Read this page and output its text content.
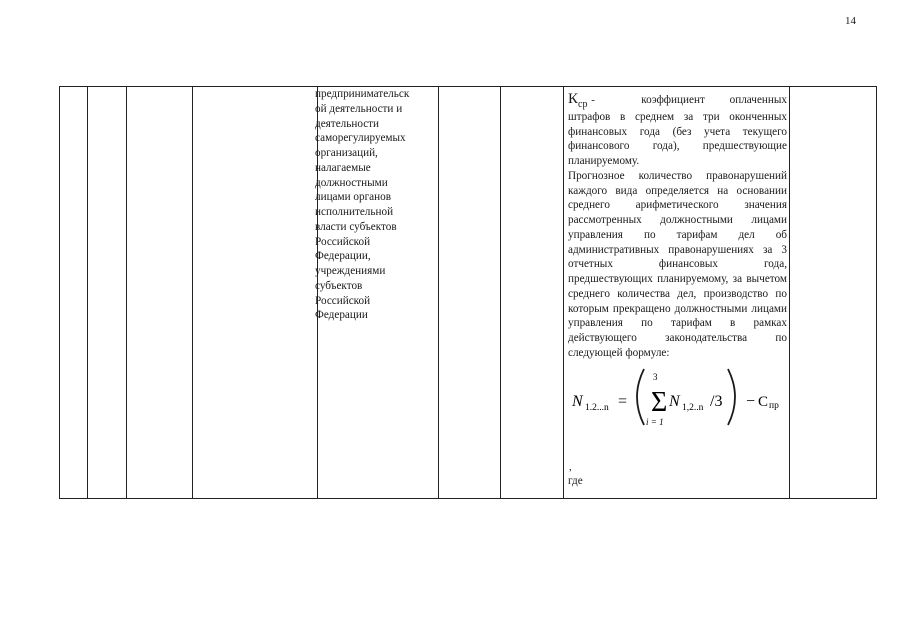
14
предпринимательск
ой деятельности и
деятельности
саморегулируемых
организаций,
налагаемые
должностными
лицами органов
исполнительной
власти субъектов
Российской
Федерации,
учреждениями
субъектов
Российской
Федерации
$К_{ср}$ -	коэффициент оплаченных

штрафов в среднем за три оконченных финансовых года (без учета текущего финансового года), предшествующие планируемому.

Прогнозное количество правонарушений каждого вида определяется на основании среднего арифметического значения рассмотренных должностными лицами управления по тарифам дел об административных правонарушениях за 3 отчетных финансовых года, предшествующих планируемому, за вычетом среднего количества дел, производство по которым прекращено должностными лицами управления по тарифам в рамках действующего законодательства по следующей формуле:

N 1.2...n =
3
Σ
i = 1
N 1,2..n /3 − С пр
,
где
